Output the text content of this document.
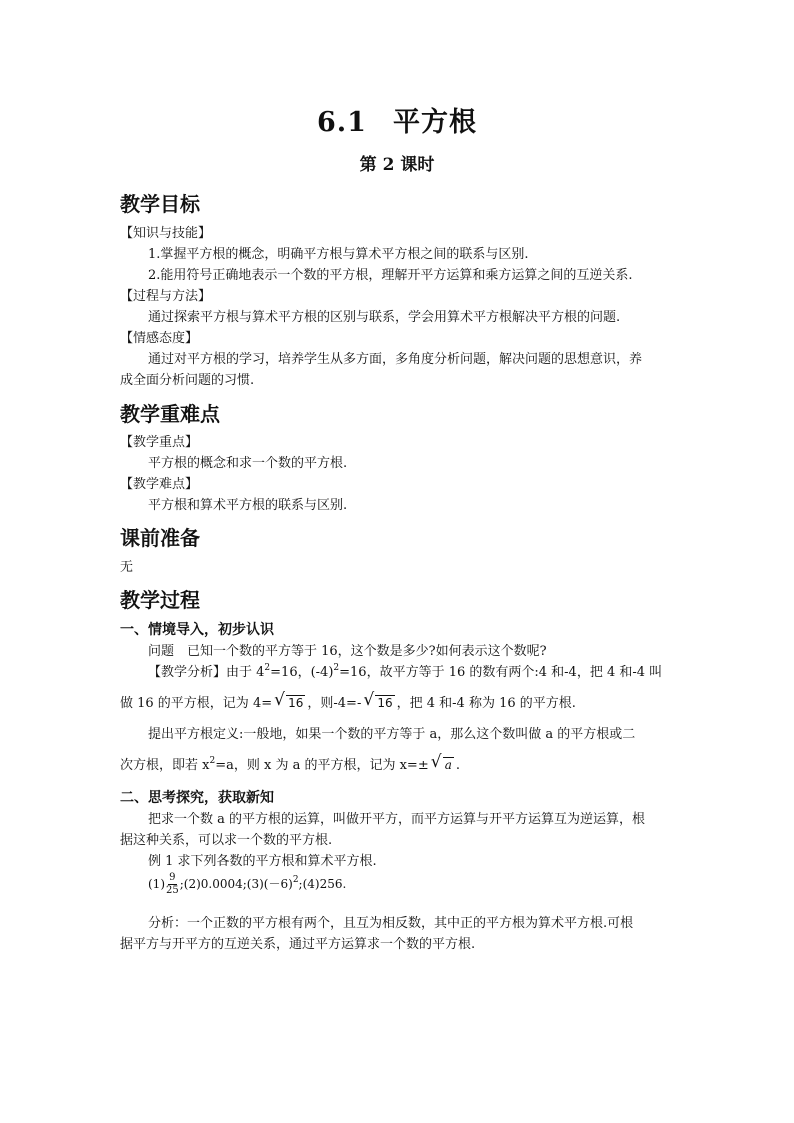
6.1 平方根
第 2 课时
教学目标
【知识与技能】
1.掌握平方根的概念，明确平方根与算术平方根之间的联系与区别.
2.能用符号正确地表示一个数的平方根，理解开平方运算和乘方运算之间的互逆关系.
【过程与方法】
通过探索平方根与算术平方根的区别与联系，学会用算术平方根解决平方根的问题.
【情感态度】
通过对平方根的学习，培养学生从多方面，多角度分析问题，解决问题的思想意识，养
成全面分析问题的习惯.
教学重难点
【教学重点】
平方根的概念和求一个数的平方根.
【教学难点】
平方根和算术平方根的联系与区别.
课前准备
无
教学过程
一、情境导入，初步认识
问题　已知一个数的平方等于 16，这个数是多少?如何表示这个数呢?
【教学分析】由于 $4^2=16$，$(-4)^2=16$，故平方等于 16 的数有两个:4 和-4，把 4 和-4 叫
做 16 的平方根，记为 4= √ 16 ，则-4=- √ 16 ，把 4 和-4 称为 16 的平方根.
提出平方根定义:一般地，如果一个数的平方等于 a，那么这个数叫做 a 的平方根或二
次方根，即若 $x^2=a$，则 x 为 a 的平方根，记为 x=± √ a .
二、思考探究，获取新知
把求一个数 a 的平方根的运算，叫做开平方，而平方运算与开平方运算互为逆运算，根
据这种关系，可以求一个数的平方根.
例 1 求下列各数的平方根和算术平方根.
$(1) \frac{9}{25}$ $;(2)0.0004;(3)(-6)^2;(4)256$.
分析：一个正数的平方根有两个，且互为相反数，其中正的平方根为算术平方根.可根
据平方与开平方的互逆关系，通过平方运算求一个数的平方根.
